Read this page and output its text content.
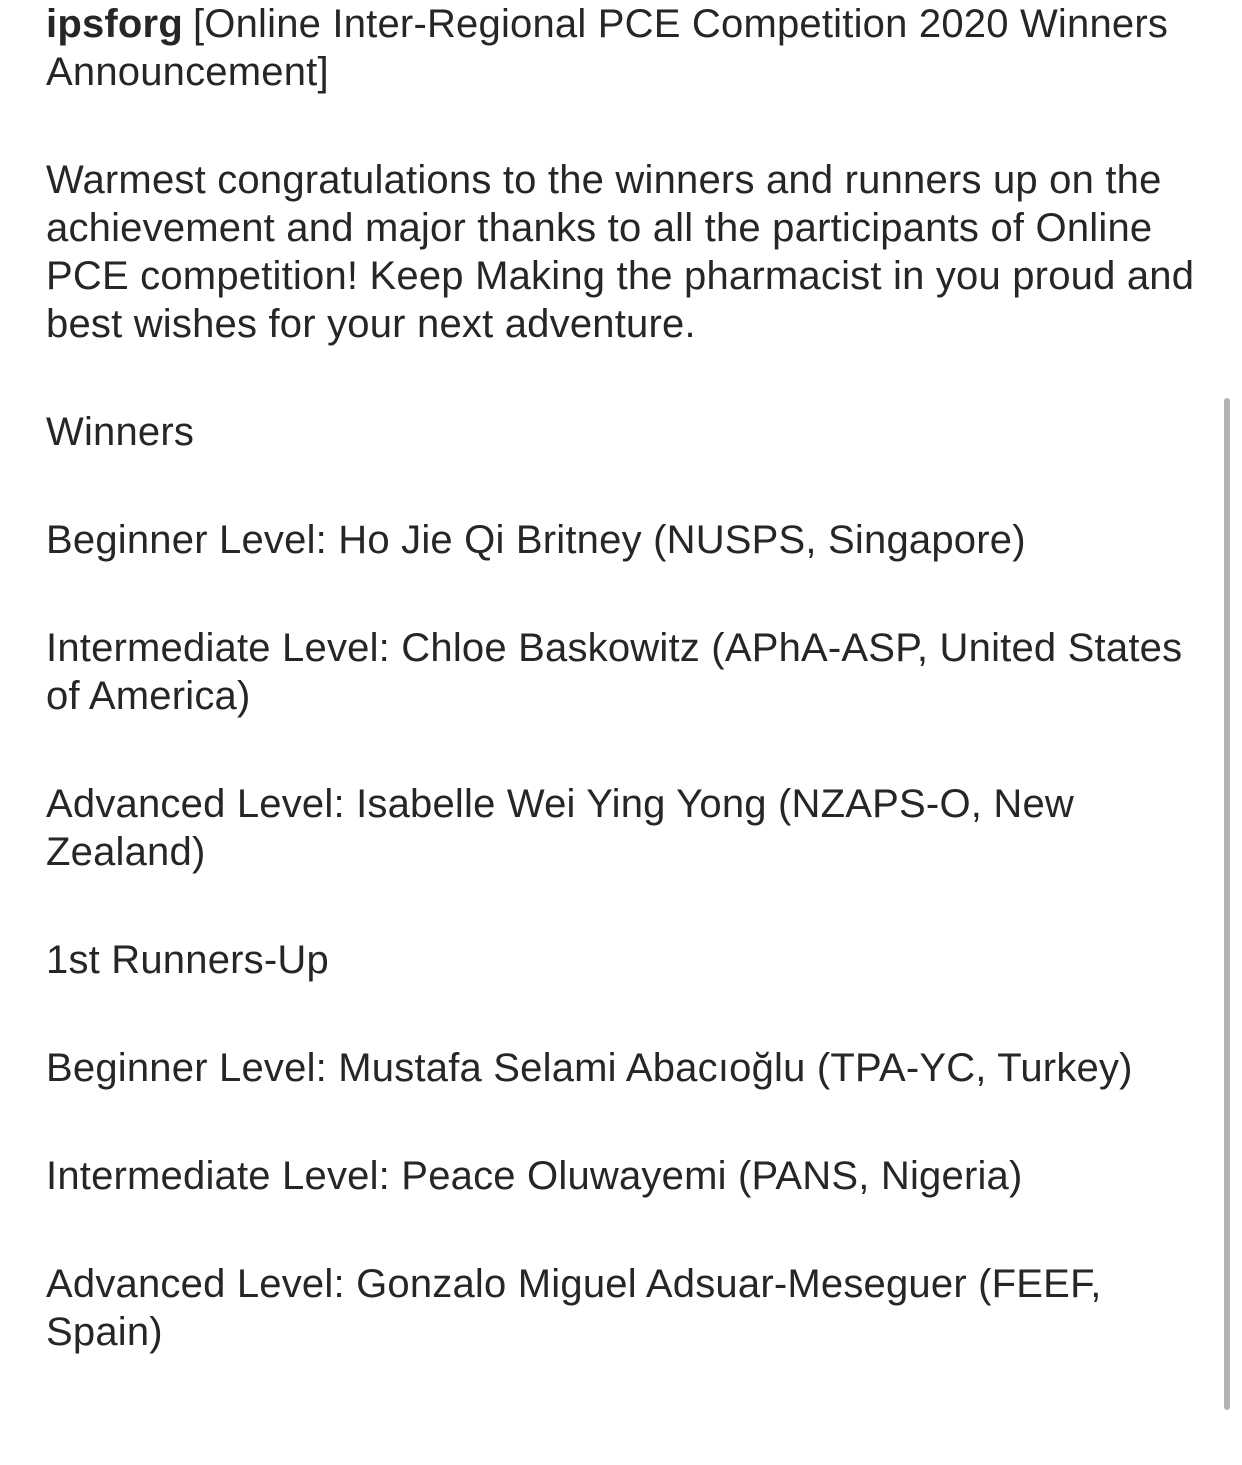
ipsforg [Online Inter-Regional PCE Competition 2020 Winners Announcement]

Warmest congratulations to the winners and runners up on the achievement and major thanks to all the participants of Online PCE competition! Keep Making the pharmacist in you proud and best wishes for your next adventure.

Winners

Beginner Level: Ho Jie Qi Britney (NUSPS, Singapore)

Intermediate Level: Chloe Baskowitz (APhA-ASP, United States of America)

Advanced Level: Isabelle Wei Ying Yong (NZAPS-O, New Zealand)

1st Runners-Up

Beginner Level: Mustafa Selami Abacıoğlu (TPA-YC, Turkey)

Intermediate Level: Peace Oluwayemi (PANS, Nigeria)

Advanced Level: Gonzalo Miguel Adsuar-Meseguer (FEEF, Spain)
